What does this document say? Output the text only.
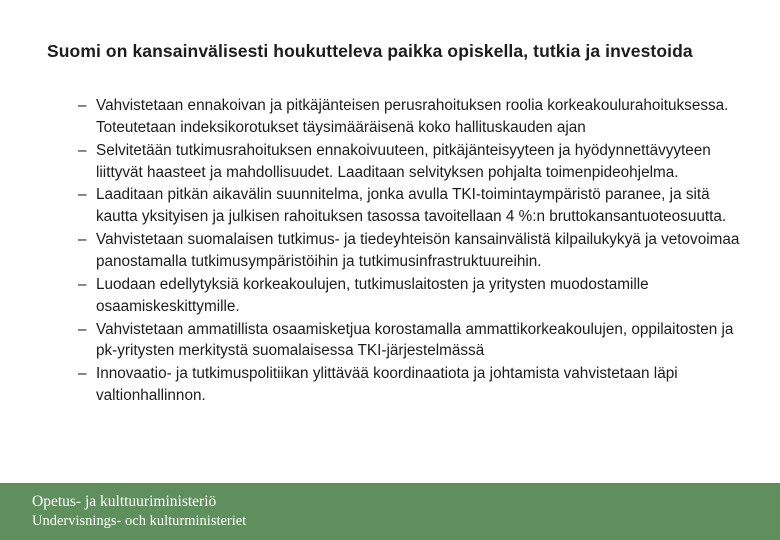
Suomi on kansainvälisesti houkutteleva paikka opiskella, tutkia ja investoida
– Vahvistetaan ennakoivan ja pitkäjänteisen perusrahoituksen roolia korkeakoulurahoituksessa. Toteutetaan indeksikorotukset täysimääräisenä koko hallituskauden ajan
– Selvitetään tutkimusrahoituksen ennakoivuuteen, pitkäjänteisyyteen ja hyödynnettävyyteen liittyvät haasteet ja mahdollisuudet. Laaditaan selvityksen pohjalta toimenpideohjelma.
– Laaditaan pitkän aikavälin suunnitelma, jonka avulla TKI-toimintaympäristö paranee, ja sitä kautta yksityisen ja julkisen rahoituksen tasossa tavoitellaan 4 %:n bruttokansantuoteosuutta.
– Vahvistetaan suomalaisen tutkimus- ja tiedeyhteisön kansainvälistä kilpailukykyä ja vetovoimaa panostamalla tutkimusympäristöihin ja tutkimusinfrastruktuureihin.
– Luodaan edellytyksiä korkeakoulujen, tutkimuslaitosten ja yritysten muodostamille osaamiskeskittymille.
– Vahvistetaan ammatillista osaamisketjua korostamalla ammattikorkeakoulujen, oppilaitosten ja pk-yritysten merkitystä suomalaisessa TKI-järjestelmässä
– Innovaatio- ja tutkimuspolitiikan ylittävää koordinaatiota ja johtamista vahvistetaan läpi valtionhallinnon.
Opetus- ja kulttuuriministeriö
Undervisnings- och kulturministeriet
